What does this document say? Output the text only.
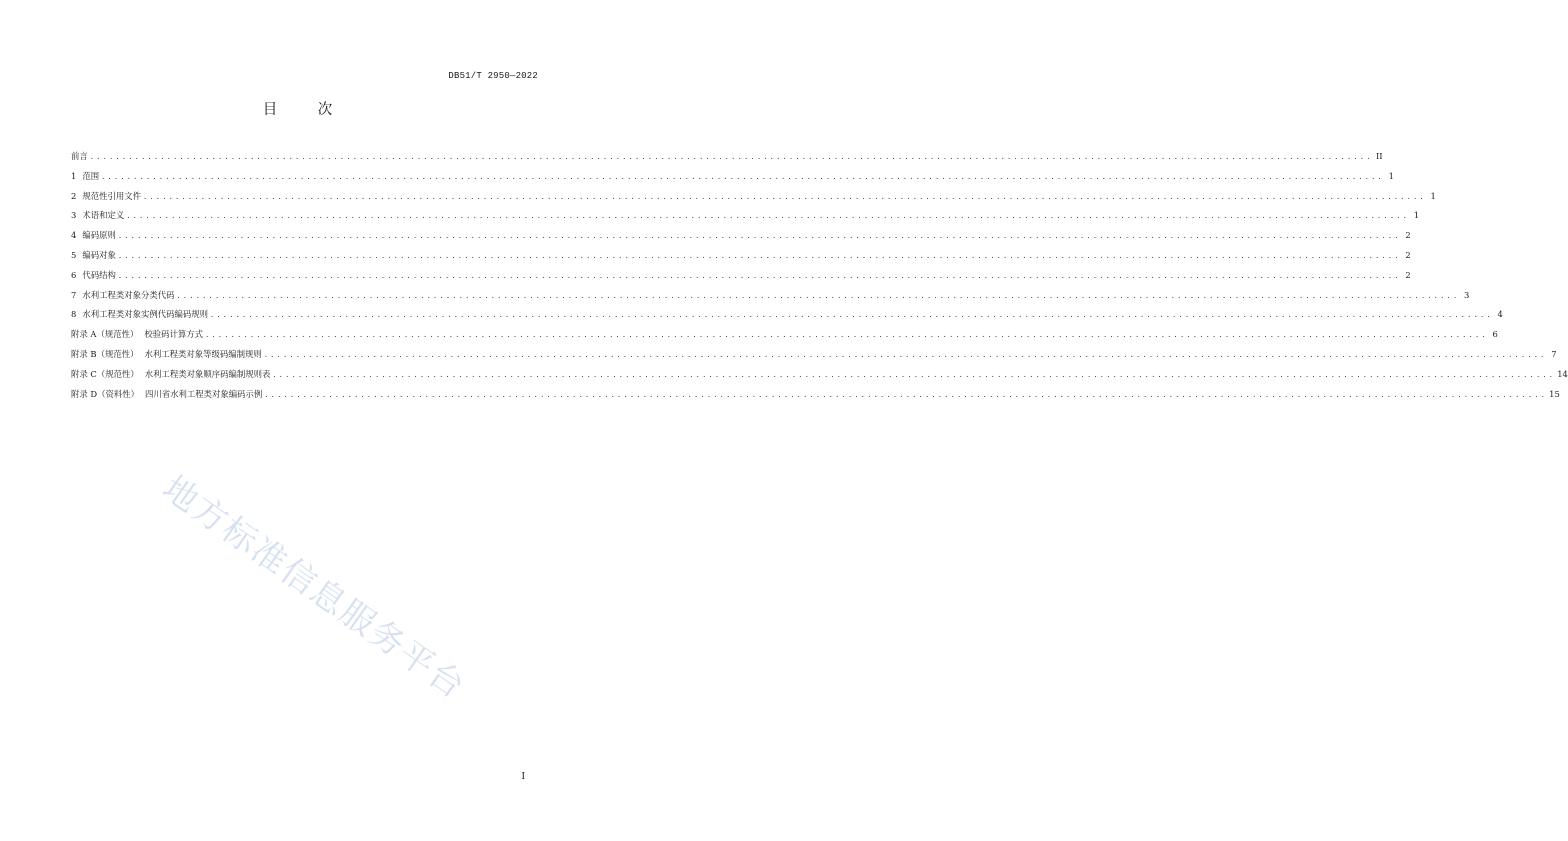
DB51/T 2950—2022
目 次
前言 ........................................................................................................................................................................................................ II
1 范围 ........................................................................................................................................................................................................ 1
2 规范性引用文件 ........................................................................................................................................................................................................ 1
3 术语和定义 ........................................................................................................................................................................................................ 1
4 编码原则 ........................................................................................................................................................................................................ 2
5 编码对象 ........................................................................................................................................................................................................ 2
6 代码结构 ........................................................................................................................................................................................................ 2
7 水利工程类对象分类代码 ........................................................................................................................................................................................................ 3
8 水利工程类对象实例代码编码规则 ........................................................................................................................................................................................................ 4
附录 A（规范性） 校验码计算方式 ........................................................................................................................................................................................................ 6
附录 B（规范性） 水利工程类对象等级码编制规则 ........................................................................................................................................................................................................ 7
附录 C（规范性） 水利工程类对象顺序码编制规则表 ........................................................................................................................................................................................................ 14
附录 D（资料性） 四川省水利工程类对象编码示例 ........................................................................................................................................................................................................ 15
地方标准信息服务平台
I
